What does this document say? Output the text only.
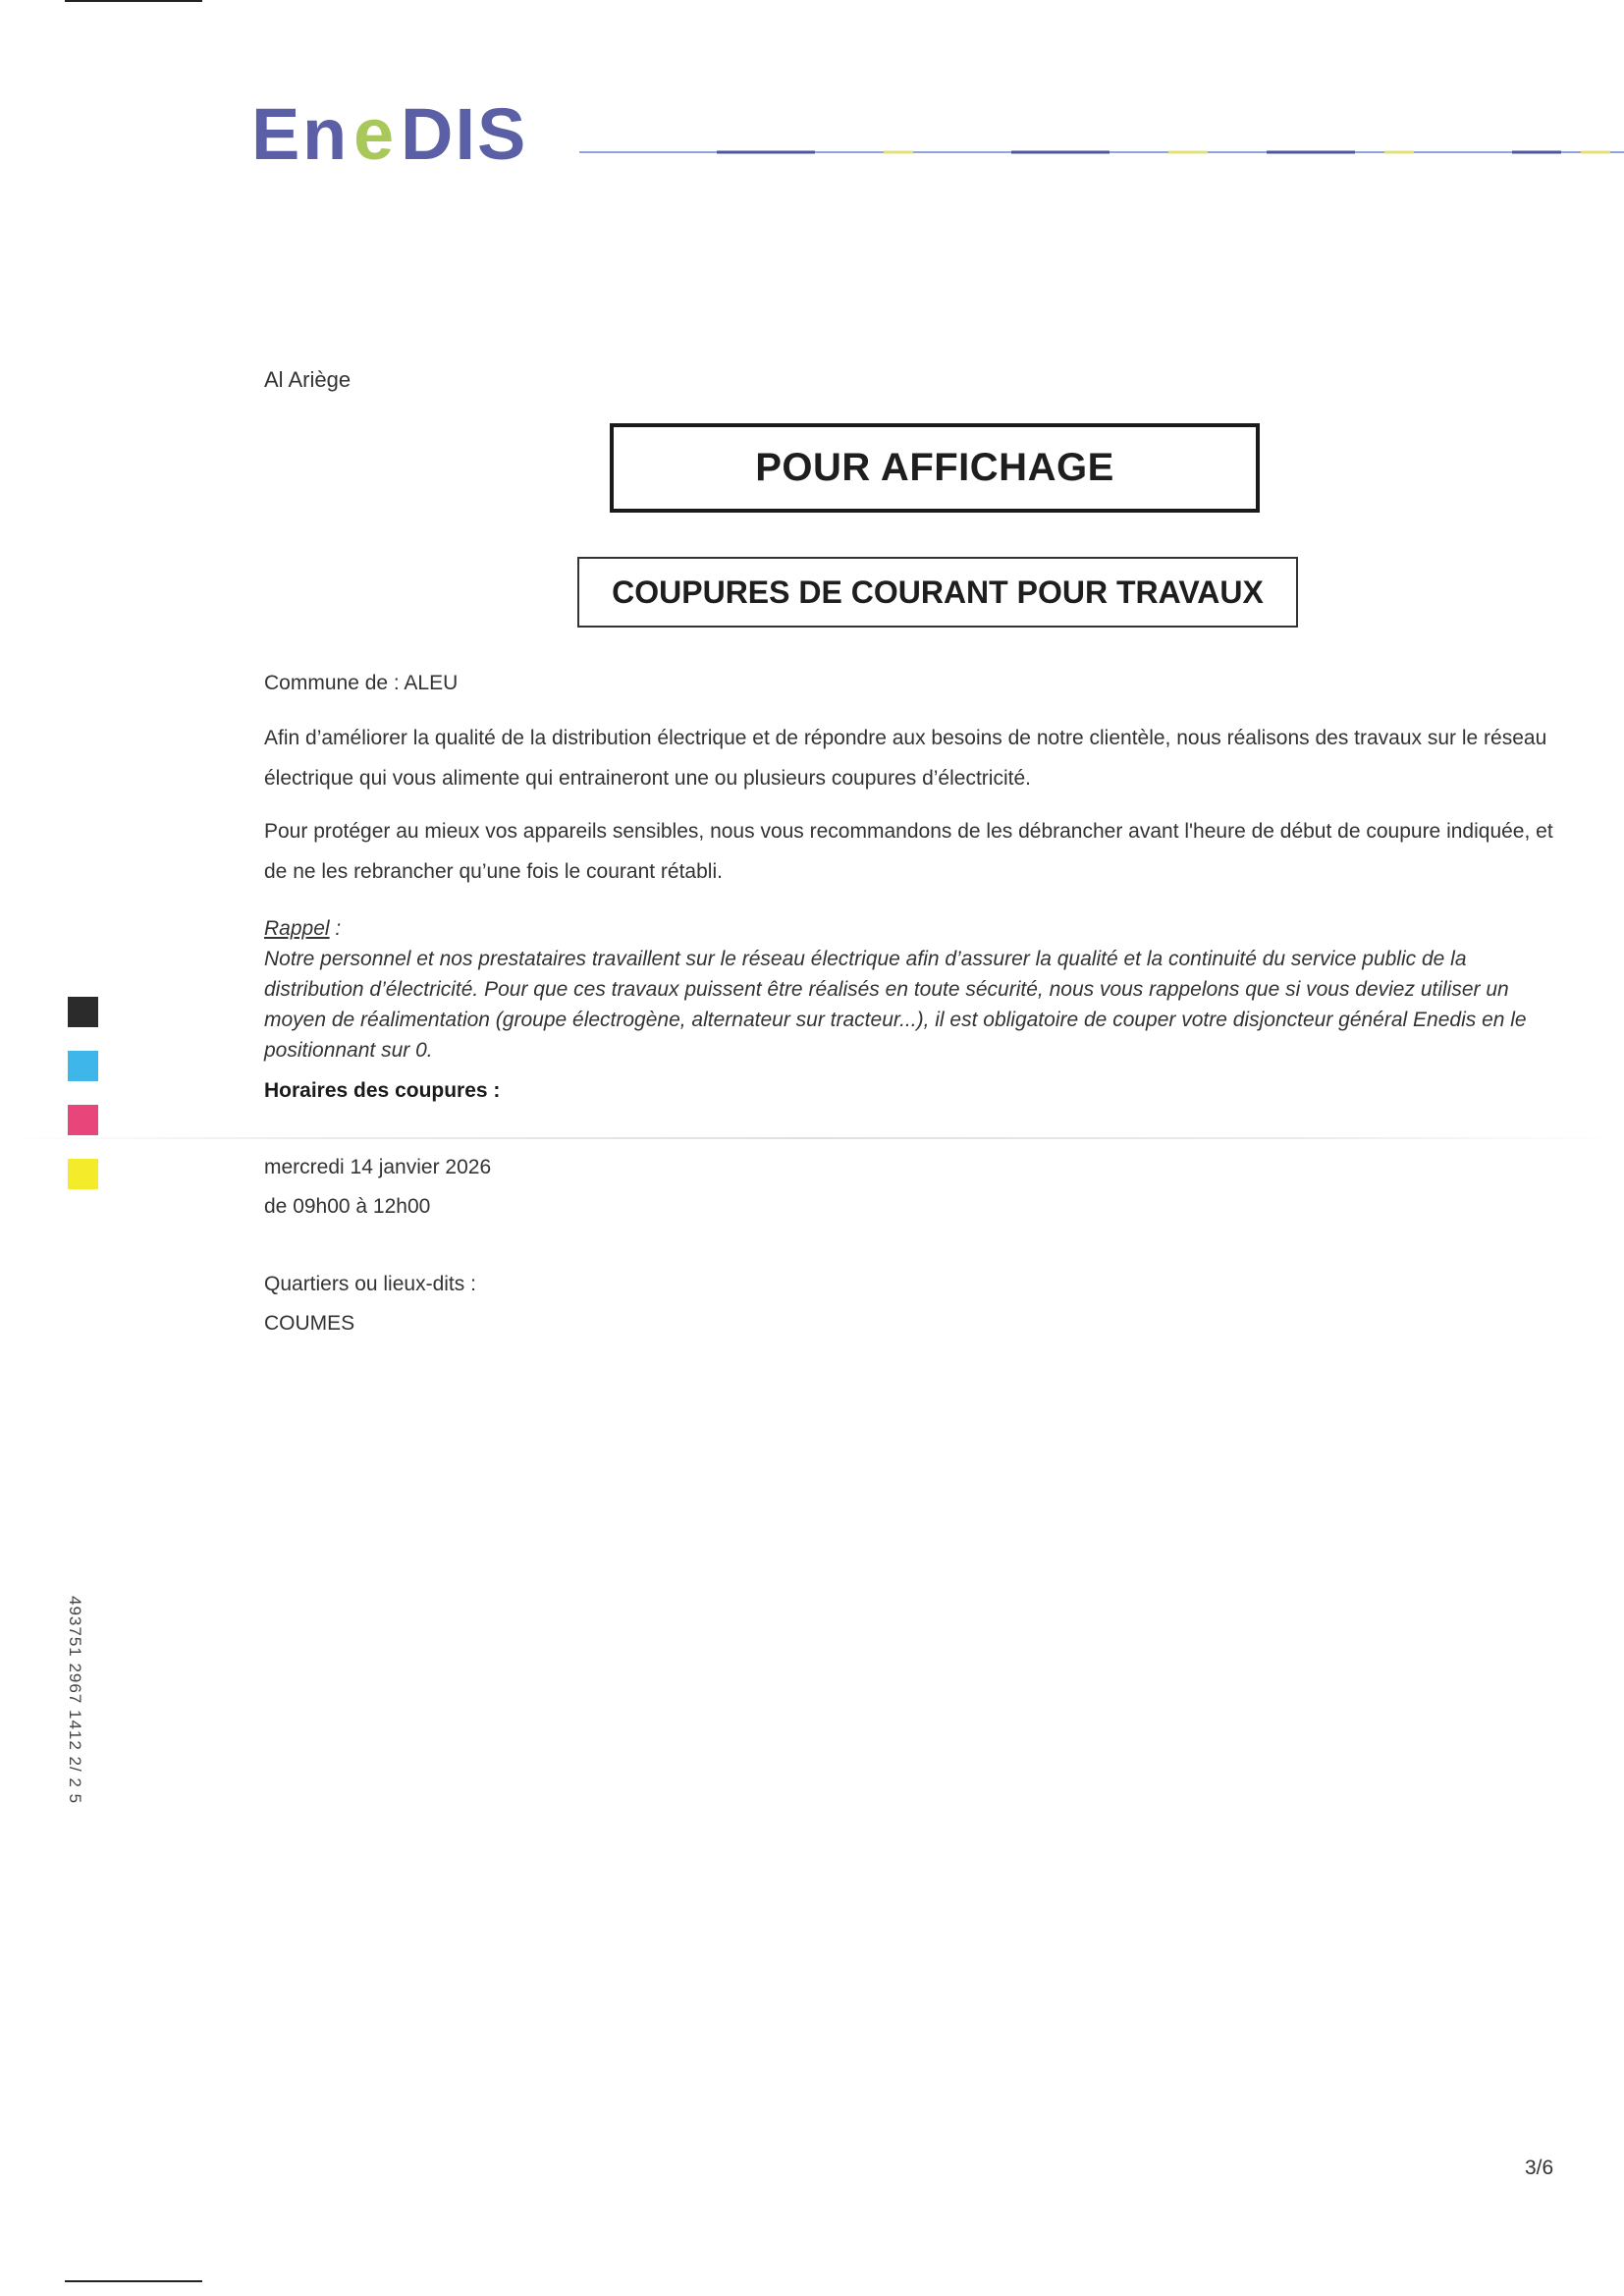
E n e DIS
Al Ariège
POUR AFFICHAGE
COUPURES DE COURANT POUR TRAVAUX
Commune de : ALEU
Afin d’améliorer la qualité de la distribution électrique et de répondre aux besoins de notre clientèle, nous réalisons des travaux sur le réseau électrique qui vous alimente qui entraineront une ou plusieurs coupures d’électricité.
Pour protéger au mieux vos appareils sensibles, nous vous recommandons de les débrancher avant l'heure de début de coupure indiquée, et de ne les rebrancher qu’une fois le courant rétabli.
Rappel :
Notre personnel et nos prestataires travaillent sur le réseau électrique afin d’assurer la qualité et la continuité du service public de la distribution d’électricité. Pour que ces travaux puissent être réalisés en toute sécurité, nous vous rappelons que si vous deviez utiliser un moyen de réalimentation (groupe électrogène, alternateur sur tracteur...), il est obligatoire de couper votre disjoncteur général Enedis en le positionnant sur 0.
Horaires des coupures :
mercredi 14 janvier 2026
de 09h00 à 12h00
Quartiers ou lieux-dits :
COUMES
493751 2967 1412 2/ 2 5
3/6
